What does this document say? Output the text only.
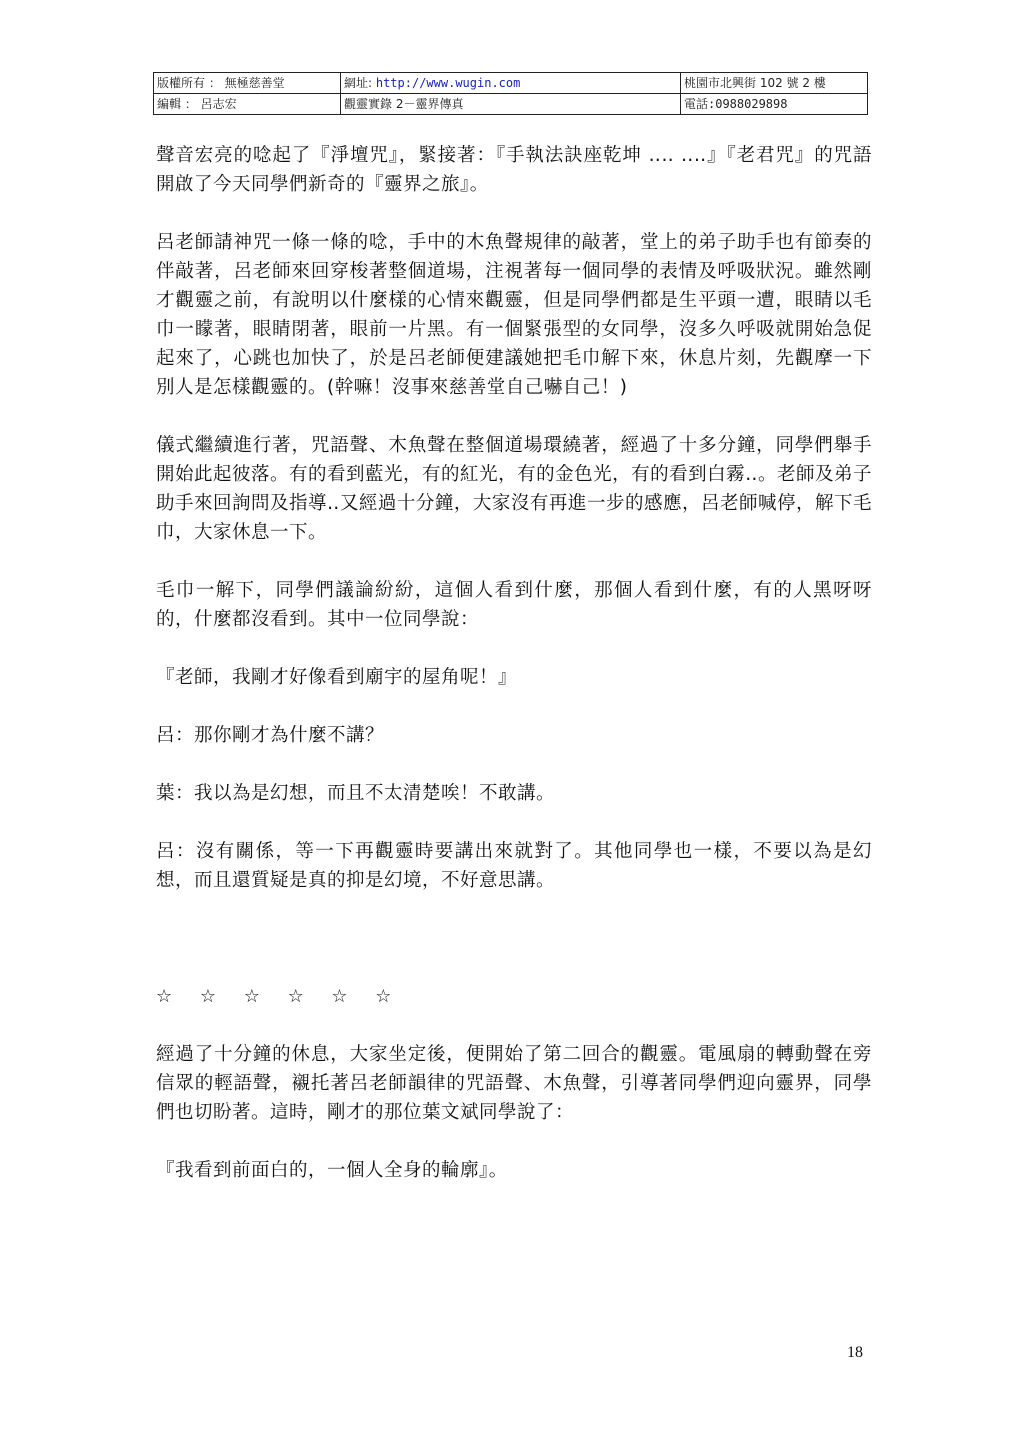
版權所有 ： 無極慈善堂	網址: http://www.wugin.com	桃園市北興街 102 號 2 樓
編輯 ： 呂志宏	觀靈實錄 2－靈界傳真	電話:0988029898

聲音宏亮的唸起了『淨壇咒』，緊接著：『手執法訣座乾坤 ‥‥ ‥‥』『老君咒』的咒語開啟了今天同學們新奇的『靈界之旅』。

呂老師請神咒一條一條的唸，手中的木魚聲規律的敲著，堂上的弟子助手也有節奏的伴敲著，呂老師來回穿梭著整個道場，注視著每一個同學的表情及呼吸狀況。雖然剛才觀靈之前，有說明以什麼樣的心情來觀靈，但是同學們都是生平頭一遭，眼睛以毛巾一矇著，眼睛閉著，眼前一片黑。有一個緊張型的女同學，沒多久呼吸就開始急促起來了，心跳也加快了，於是呂老師便建議她把毛巾解下來，休息片刻，先觀摩一下別人是怎樣觀靈的。(幹嘛！沒事來慈善堂自己嚇自己！)

儀式繼續進行著，咒語聲、木魚聲在整個道場環繞著，經過了十多分鐘，同學們舉手開始此起彼落。有的看到藍光，有的紅光，有的金色光，有的看到白霧‥。老師及弟子助手來回詢問及指導‥又經過十分鐘，大家沒有再進一步的感應，呂老師喊停，解下毛巾，大家休息一下。

毛巾一解下，同學們議論紛紛，這個人看到什麼，那個人看到什麼，有的人黑呀呀的，什麼都沒看到。其中一位同學說：

『老師，我剛才好像看到廟宇的屋角呢！』

呂：那你剛才為什麼不講？

葉：我以為是幻想，而且不太清楚唉！不敢講。

呂：沒有關係，等一下再觀靈時要講出來就對了。其他同學也一樣，不要以為是幻想，而且還質疑是真的抑是幻境，不好意思講。

☆ ☆ ☆ ☆ ☆ ☆

經過了十分鐘的休息，大家坐定後，便開始了第二回合的觀靈。電風扇的轉動聲在旁信眾的輕語聲，襯托著呂老師韻律的咒語聲、木魚聲，引導著同學們迎向靈界，同學們也切盼著。這時，剛才的那位葉文斌同學說了：

『我看到前面白的，一個人全身的輪廓』。

18
